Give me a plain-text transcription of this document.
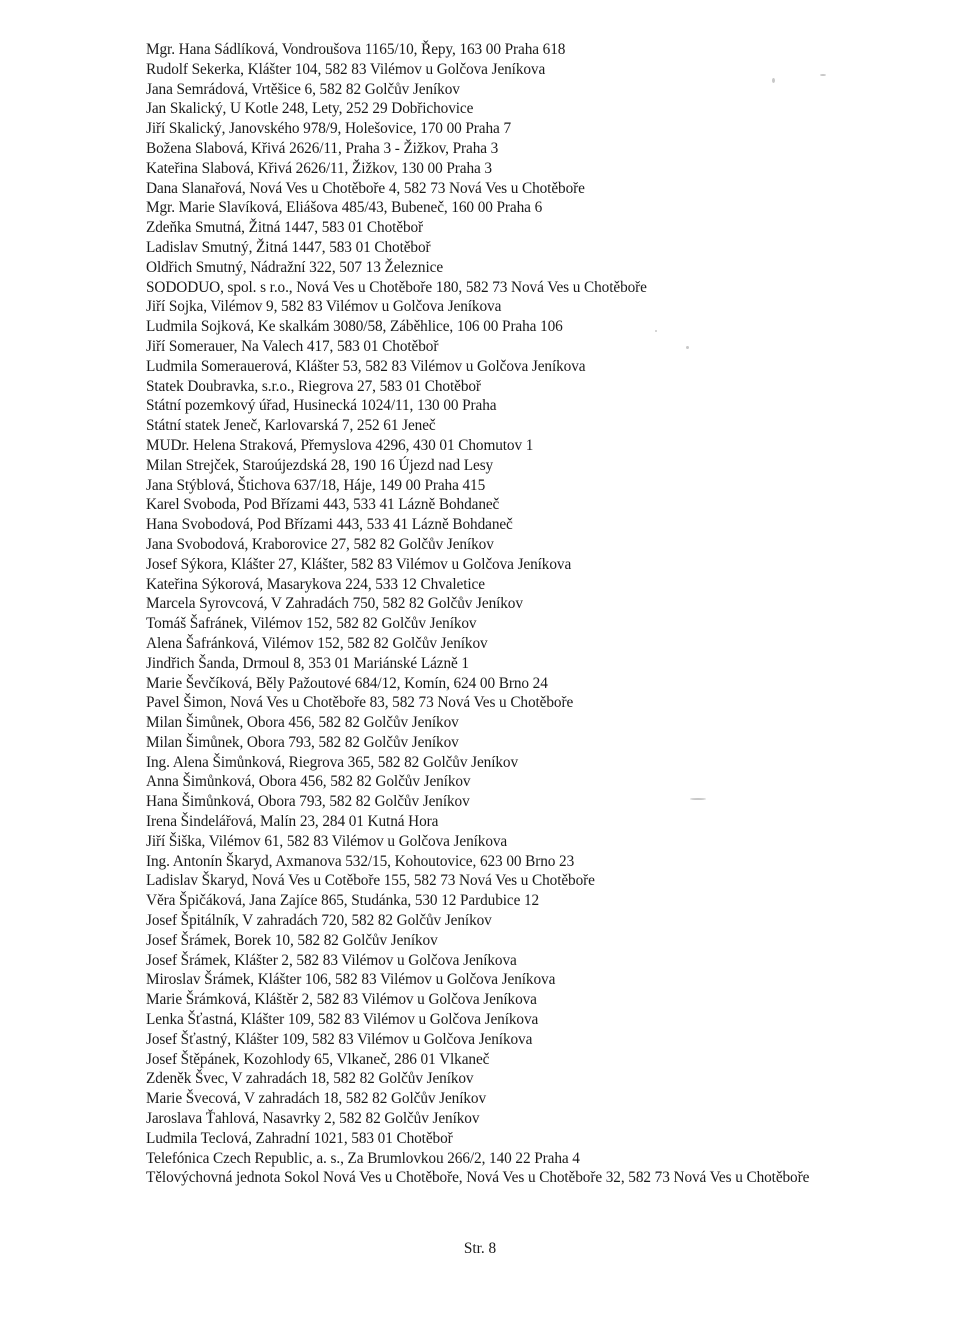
Mgr. Hana Sádlíková, Vondroušova 1165/10, Řepy, 163 00 Praha 618
Rudolf Sekerka, Klášter 104, 582 83 Vilémov u Golčova Jeníkova
Jana Semrádová, Vrtěšice 6, 582 82 Golčův Jeníkov
Jan Skalický, U Kotle 248, Lety, 252 29 Dobřichovice
Jiří Skalický, Janovského 978/9, Holešovice, 170 00 Praha 7
Božena Slabová, Křivá 2626/11, Praha 3 - Žižkov, Praha 3
Kateřina Slabová, Křivá 2626/11, Žižkov, 130 00 Praha 3
Dana Slanařová, Nová Ves u Chotěboře 4, 582 73 Nová Ves u Chotěboře
Mgr. Marie Slavíková, Eliášova 485/43, Bubeneč, 160 00 Praha 6
Zdeňka Smutná, Žitná 1447, 583 01 Chotěboř
Ladislav Smutný, Žitná 1447, 583 01 Chotěboř
Oldřich Smutný, Nádražní 322, 507 13 Železnice
SODODUO, spol. s r.o., Nová Ves u Chotěboře 180, 582 73 Nová Ves u Chotěboře
Jiří Sojka, Vilémov 9, 582 83 Vilémov u Golčova Jeníkova
Ludmila Sojková, Ke skalkám 3080/58, Záběhlice, 106 00 Praha 106
Jiří Somerauer, Na Valech 417, 583 01 Chotěboř
Ludmila Somerauerová, Klášter 53, 582 83 Vilémov u Golčova Jeníkova
Statek Doubravka, s.r.o., Riegrova 27, 583 01 Chotěboř
Státní pozemkový úřad, Husinecká 1024/11, 130 00 Praha
Státní statek Jeneč, Karlovarská 7, 252 61 Jeneč
MUDr. Helena Straková, Přemyslova 4296, 430 01 Chomutov 1
Milan Strejček, Staroújezdská 28, 190 16 Újezd nad Lesy
Jana Stýblová, Štichova 637/18, Háje, 149 00 Praha 415
Karel Svoboda, Pod Břízami 443, 533 41 Lázně Bohdaneč
Hana Svobodová, Pod Břízami 443, 533 41 Lázně Bohdaneč
Jana Svobodová, Kraborovice 27, 582 82 Golčův Jeníkov
Josef Sýkora, Klášter 27, Klášter, 582 83 Vilémov u Golčova Jeníkova
Kateřina Sýkorová, Masarykova 224, 533 12 Chvaletice
Marcela Syrovcová, V Zahradách 750, 582 82 Golčův Jeníkov
Tomáš Šafránek, Vilémov 152, 582 82 Golčův Jeníkov
Alena Šafránková, Vilémov 152, 582 82 Golčův Jeníkov
Jindřich Šanda, Drmoul 8, 353 01 Mariánské Lázně 1
Marie Ševčíková, Běly Pažoutové 684/12, Komín, 624 00 Brno 24
Pavel Šimon, Nová Ves u Chotěboře 83, 582 73 Nová Ves u Chotěboře
Milan Šimůnek, Obora 456, 582 82 Golčův Jeníkov
Milan Šimůnek, Obora 793, 582 82 Golčův Jeníkov
Ing. Alena Šimůnková, Riegrova 365, 582 82 Golčův Jeníkov
Anna Šimůnková, Obora 456, 582 82 Golčův Jeníkov
Hana Šimůnková, Obora 793, 582 82 Golčův Jeníkov
Irena Šindelářová, Malín 23, 284 01 Kutná Hora
Jiří Šiška, Vilémov 61, 582 83 Vilémov u Golčova Jeníkova
Ing. Antonín Škaryd, Axmanova 532/15, Kohoutovice, 623 00 Brno 23
Ladislav Škaryd, Nová Ves u Cotěboře 155, 582 73 Nová Ves u Chotěboře
Věra Špičáková, Jana Zajíce 865, Studánka, 530 12 Pardubice 12
Josef Špitálník, V zahradách 720, 582 82 Golčův Jeníkov
Josef Šrámek, Borek 10, 582 82 Golčův Jeníkov
Josef Šrámek, Klášter 2, 582 83 Vilémov u Golčova Jeníkova
Miroslav Šrámek, Klášter 106, 582 83 Vilémov u Golčova Jeníkova
Marie Šrámková, Kláštěr 2, 582 83 Vilémov u Golčova Jeníkova
Lenka Šťastná, Klášter 109, 582 83 Vilémov u Golčova Jeníkova
Josef Šťastný, Klášter 109, 582 83 Vilémov u Golčova Jeníkova
Josef Štěpánek, Kozohlody 65, Vlkaneč, 286 01 Vlkaneč
Zdeněk Švec, V zahradách 18, 582 82 Golčův Jeníkov
Marie Švecová, V zahradách 18, 582 82 Golčův Jeníkov
Jaroslava Ťahlová, Nasavrky 2, 582 82 Golčův Jeníkov
Ludmila Teclová, Zahradní 1021, 583 01 Chotěboř
Telefónica Czech Republic, a. s., Za Brumlovkou 266/2, 140 22 Praha 4
Tělovýchovná jednota Sokol Nová Ves u Chotěboře, Nová Ves u Chotěboře 32, 582 73 Nová Ves u Chotěboře
Str. 8
